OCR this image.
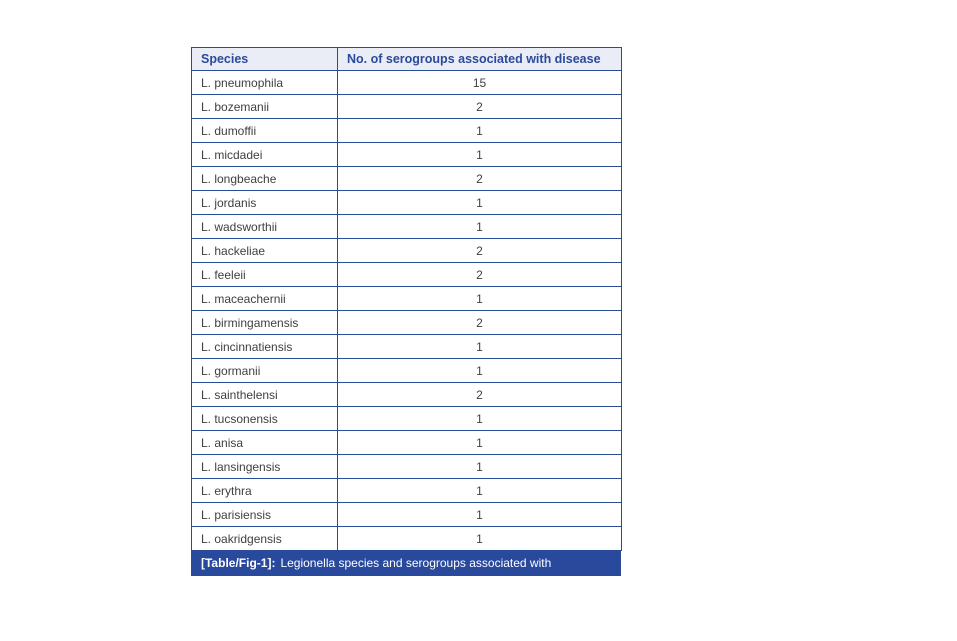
Species	No. of serogroups associated with disease
L. pneumophila	15
L. bozemanii	2
L. dumoffii	1
L. micdadei	1
L. longbeache	2
L. jordanis	1
L. wadsworthii	1
L. hackeliae	2
L. feeleii	2
L. maceachernii	1
L. birmingamensis	2
L. cincinnatiensis	1
L. gormanii	1
L. sainthelensi	2
L. tucsonensis	1
L. anisa	1
L. lansingensis	1
L. erythra	1
L. parisiensis	1
L. oakridgensis	1
[Table/Fig-1]: Legionella species and serogroups associated with
